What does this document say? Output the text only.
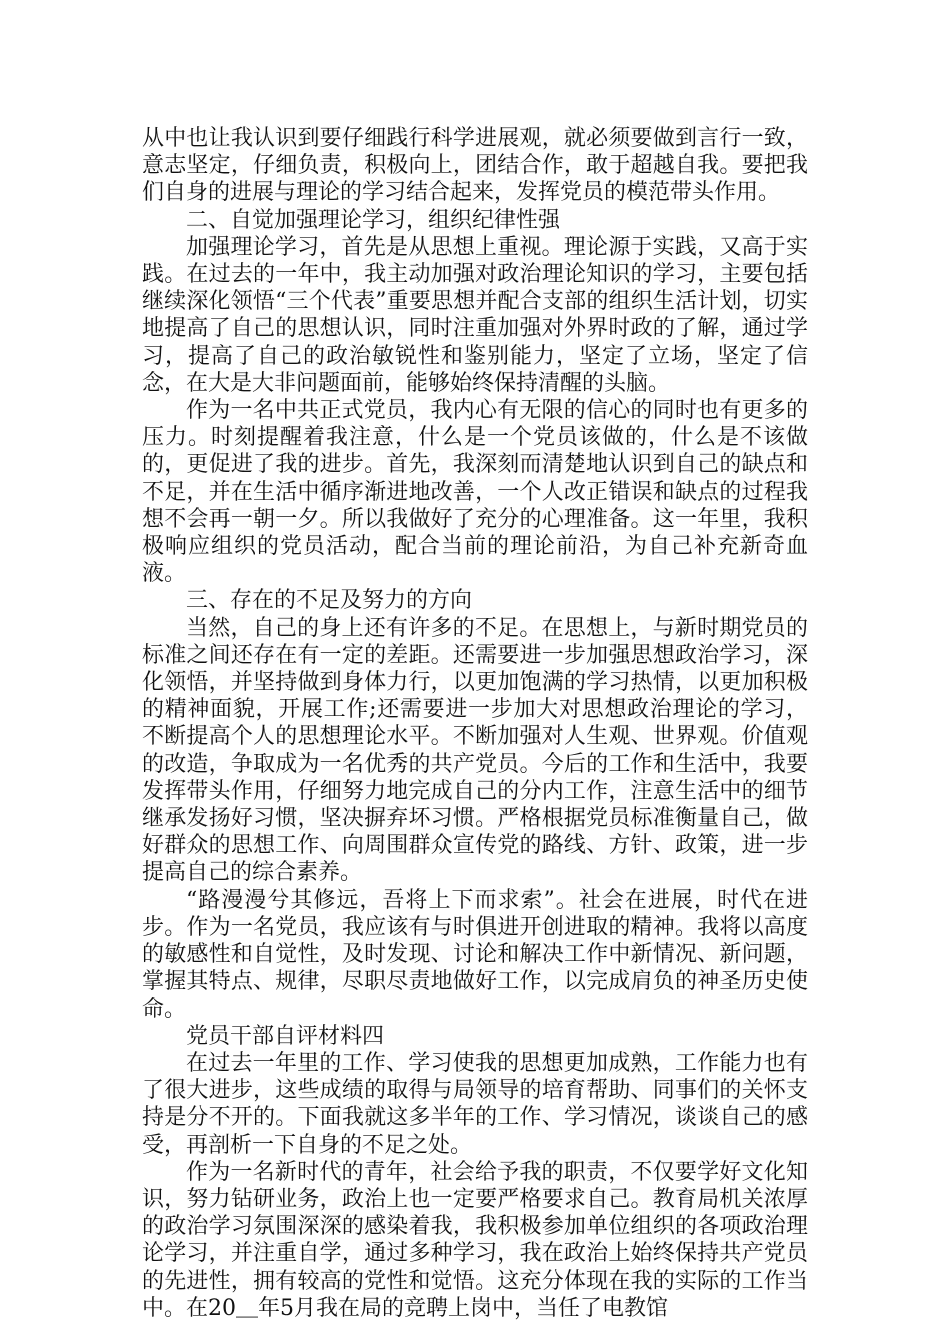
从中也让我认识到要仔细践行科学进展观，就必须要做到言行一致，意志坚定，仔细负责，积极向上，团结合作，敢于超越自我。要把我们自身的进展与理论的学习结合起来，发挥党员的模范带头作用。

二、自觉加强理论学习，组织纪律性强

加强理论学习，首先是从思想上重视。理论源于实践，又高于实践。在过去的一年中，我主动加强对政治理论知识的学习，主要包括继续深化领悟“三个代表”重要思想并配合支部的组织生活计划，切实地提高了自己的思想认识，同时注重加强对外界时政的了解，通过学习，提高了自己的政治敏锐性和鉴别能力，坚定了立场，坚定了信念，在大是大非问题面前，能够始终保持清醒的头脑。

作为一名中共正式党员，我内心有无限的信心的同时也有更多的压力。时刻提醒着我注意，什么是一个党员该做的，什么是不该做的，更促进了我的进步。首先，我深刻而清楚地认识到自己的缺点和不足，并在生活中循序渐进地改善，一个人改正错误和缺点的过程我想不会再一朝一夕。所以我做好了充分的心理准备。这一年里，我积极响应组织的党员活动，配合当前的理论前沿，为自己补充新奇血液。

三、存在的不足及努力的方向

当然，自己的身上还有许多的不足。在思想上，与新时期党员的标准之间还存在有一定的差距。还需要进一步加强思想政治学习，深化领悟，并坚持做到身体力行，以更加饱满的学习热情，以更加积极的精神面貌，开展工作;还需要进一步加大对思想政治理论的学习，不断提高个人的思想理论水平。不断加强对人生观、世界观。价值观的改造，争取成为一名优秀的共产党员。今后的工作和生活中，我要发挥带头作用，仔细努力地完成自己的分内工作，注意生活中的细节继承发扬好习惯，坚决摒弃坏习惯。严格根据党员标准衡量自己，做好群众的思想工作、向周围群众宣传党的路线、方针、政策，进一步提高自己的综合素养。

“路漫漫兮其修远，吾将上下而求索”。社会在进展，时代在进步。作为一名党员，我应该有与时俱进开创进取的精神。我将以高度的敏感性和自觉性，及时发现、讨论和解决工作中新情况、新问题，掌握其特点、规律，尽职尽责地做好工作，以完成肩负的神圣历史使命。

党员干部自评材料四

在过去一年里的工作、学习使我的思想更加成熟，工作能力也有了很大进步，这些成绩的取得与局领导的培育帮助、同事们的关怀支持是分不开的。下面我就这多半年的工作、学习情况，谈谈自己的感受，再剖析一下自身的不足之处。

作为一名新时代的青年，社会给予我的职责，不仅要学好文化知识，努力钻研业务，政治上也一定要严格要求自己。教育局机关浓厚的政治学习氛围深深的感染着我，我积极参加单位组织的各项政治理论学习，并注重自学，通过多种学习，我在政治上始终保持共产党员的先进性，拥有较高的党性和觉悟。这充分体现在我的实际的工作当中。在20＿年5月我在局的竞聘上岗中，当任了电教馆
